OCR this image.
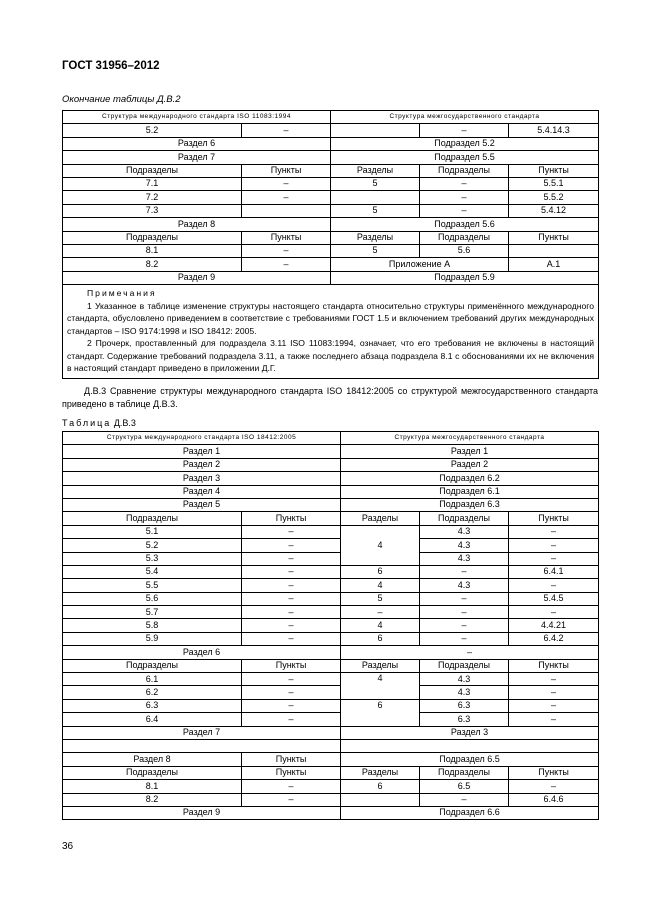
ГОСТ 31956–2012
Окончание таблицы Д.В.2
Структура международного стандарта ISO 11083:1994		Структура межгосударственного стандарта		
5.2	–		–	5.4.14.3
Раздел 6		Подраздел 5.2		
Раздел 7		Подраздел 5.5		
Подразделы	Пункты	Разделы	Подразделы	Пункты
7.1	–	5	–	5.5.1
7.2	–		–	5.5.2
7.3		5	–	5.4.12
Раздел 8		Подраздел 5.6		
Подразделы	Пункты	Разделы	Подразделы	Пункты
8.1	–	5	5.6	
8.2	–	Приложение А		А.1
Раздел 9		Подраздел 5.9		

Примечания

1 Указанное в таблице изменение структуры настоящего стандарта относительно структуры применённого международного стандарта, обусловлено приведением в соответствие с требованиями ГОСТ 1.5 и включением требований других международных стандартов – ISO 9174:1998 и ISO 18412: 2005.

2 Прочерк, проставленный для подраздела 3.11 ISO 11083:1994, означает, что его требования не включены в настоящий стандарт. Содержание требований подраздела 3.11, а также последнего абзаца подраздела 8.1 с обоснованиями их не включения в настоящий стандарт приведено в приложении Д.Г.				

Д.В.3 Сравнение структуры международного стандарта ISO 18412:2005 со структурой межгосударственного стандарта приведено в таблице Д.В.3.

Таблица Д.В.3
Структура международного стандарта ISO 18412:2005		Структура межгосударственного стандарта		
Раздел 1		Раздел 1		
Раздел 2		Раздел 2		
Раздел 3		Подраздел 6.2		
Раздел 4		Подраздел 6.1		
Раздел 5		Подраздел 6.3		
Подразделы	Пункты	Разделы	Подразделы	Пункты
5.1	–	4	4.3	–
5.2	–		4.3	–
5.3	–		4.3	–
5.4	–	6	–	6.4.1
5.5	–	4	4.3	–
5.6	–	5	–	5.4.5
5.7	–	–	–	–
5.8	–	4	–	4.4.21
5.9	–	6	–	6.4.2
Раздел 6		–		
Подразделы	Пункты	Разделы	Подразделы	Пункты
6.1	–	4	4.3	–
6.2	–		4.3	–
6.3	–	6	6.3	–
6.4	–		6.3	–
Раздел 7		Раздел 3		

Раздел 8	Пункты	Подраздел 6.5		
Подразделы	Пункты	Разделы	Подразделы	Пункты
8.1	–	6	6.5	–
8.2	–		–	6.4.6
Раздел 9		Подраздел 6.6		
36
